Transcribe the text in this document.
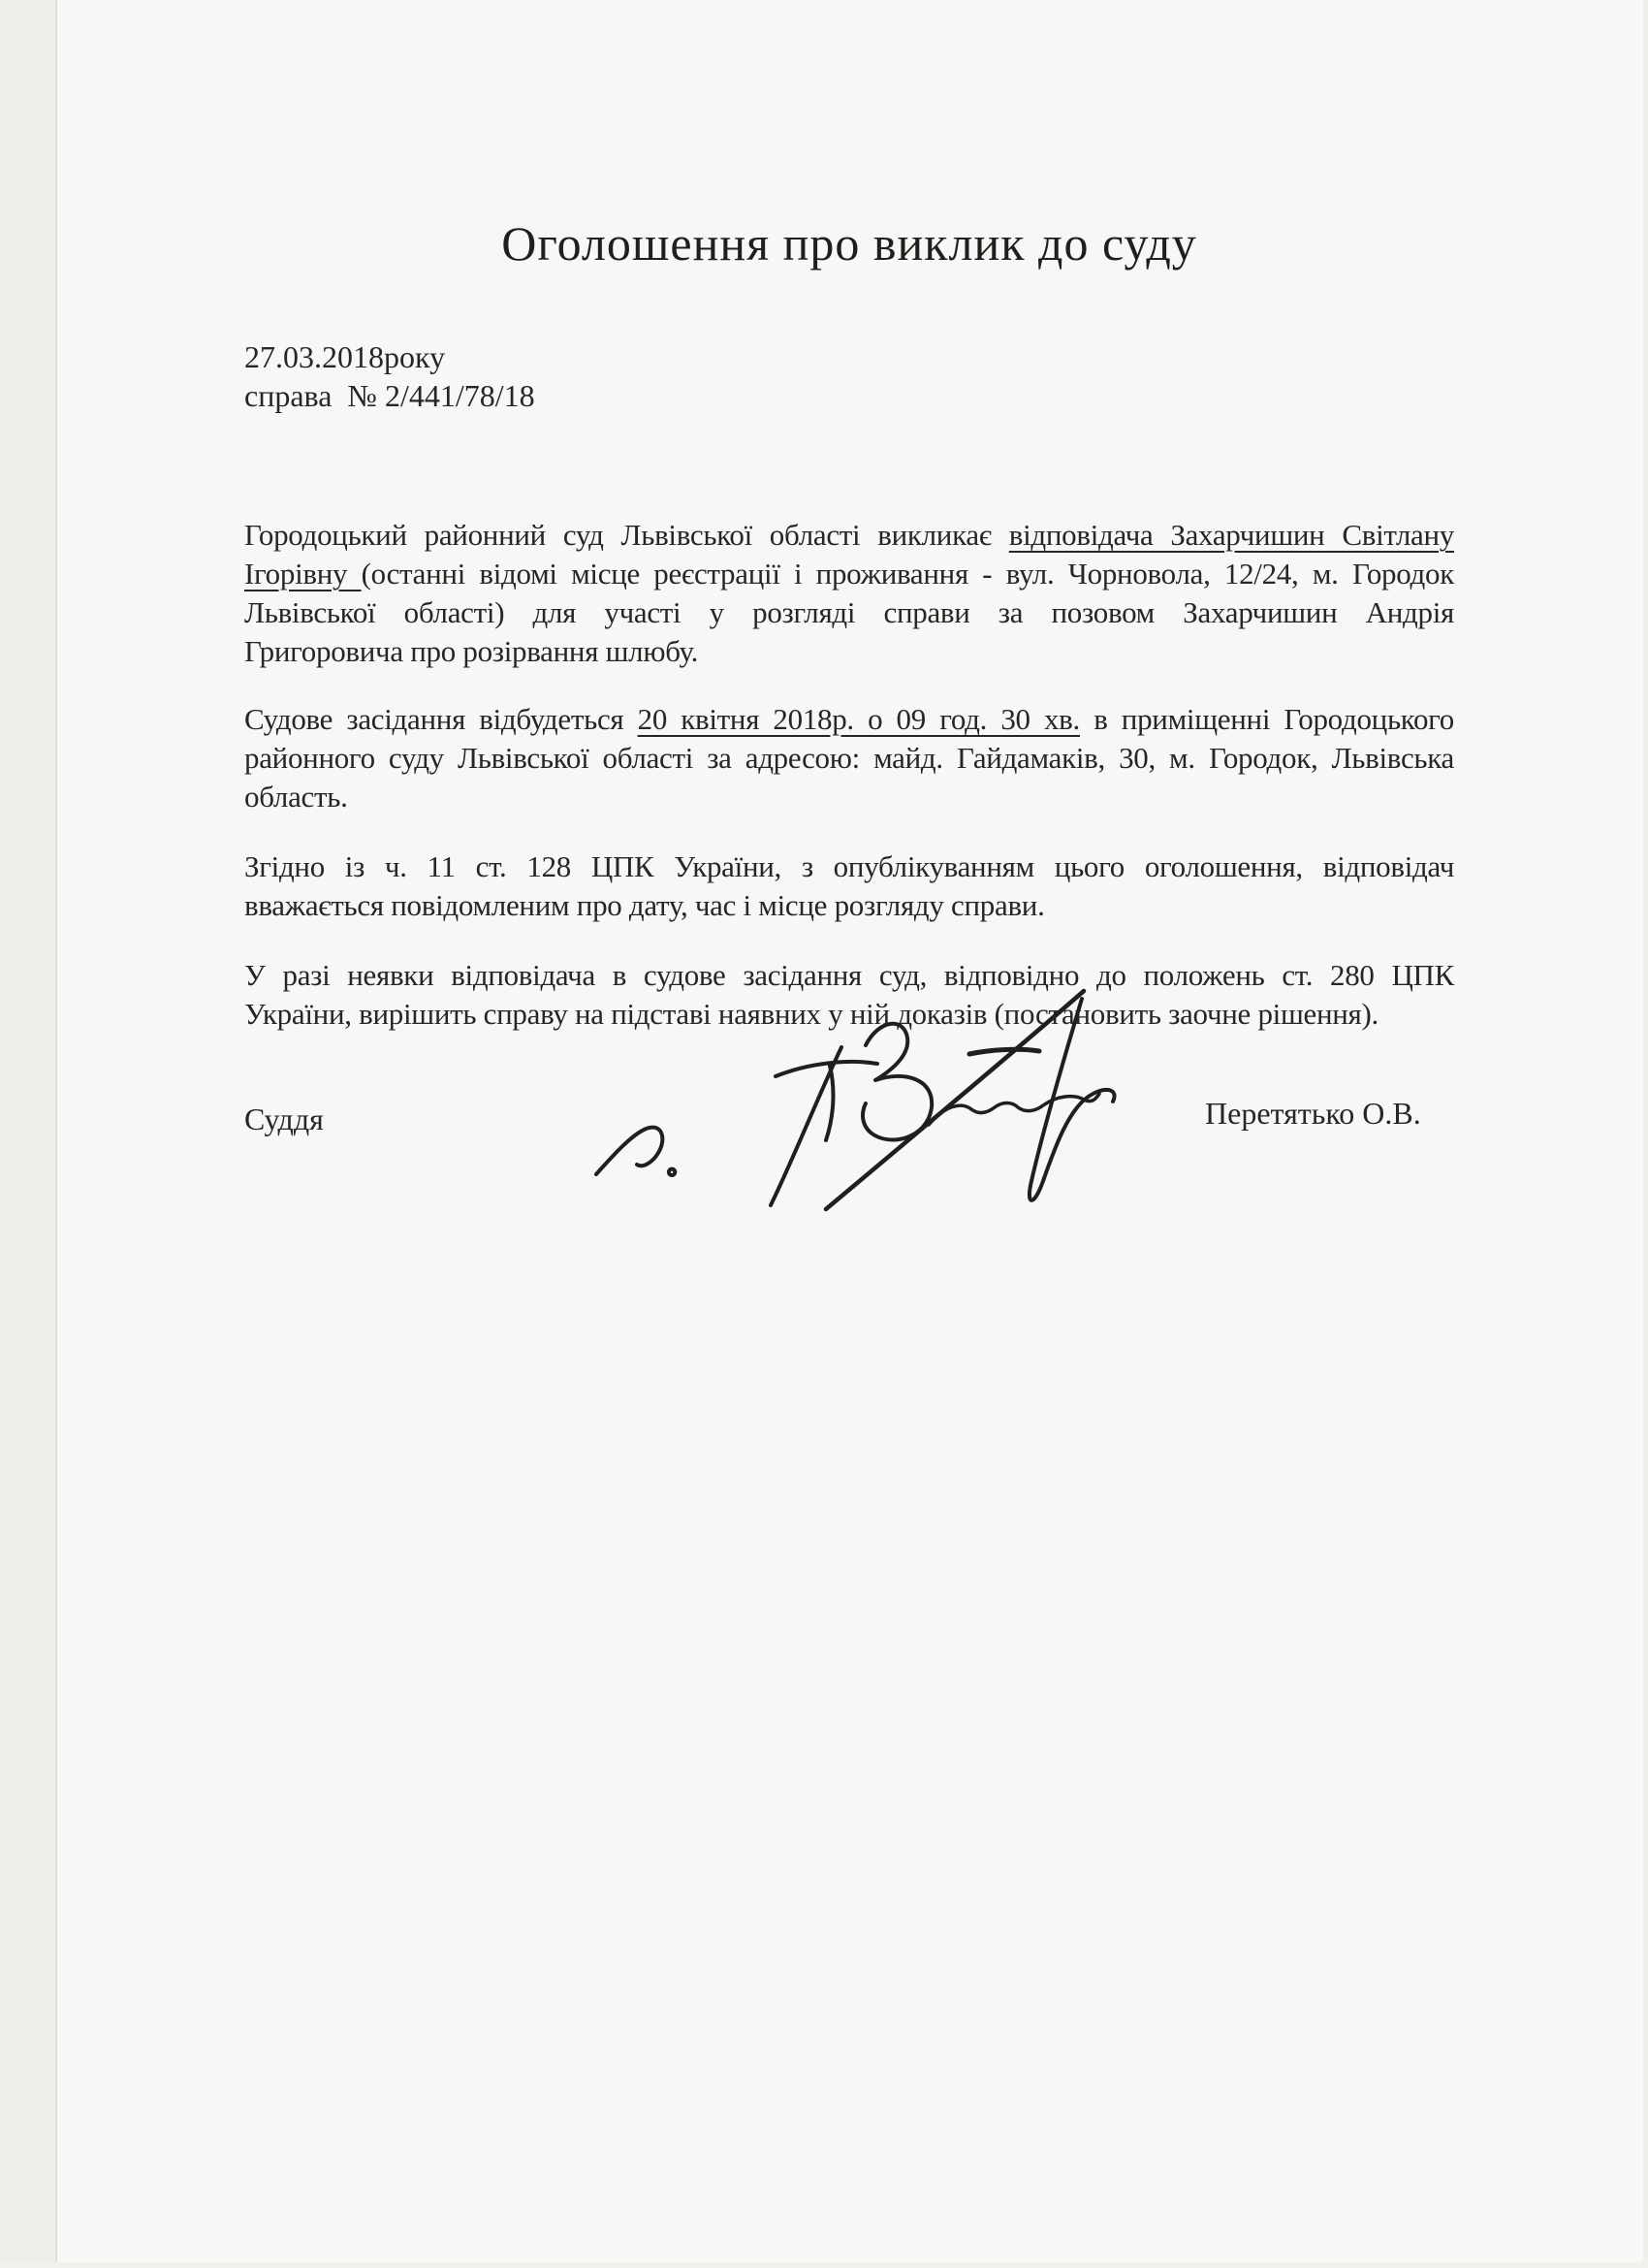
Оголошення про виклик до суду
27.03.2018року
справа  № 2/441/78/18
Городоцький районний суд Львівської області викликає відповідача Захарчишин Світлану
Ігорівну (останні відомі місце реєстрації і проживання - вул. Чорновола, 12/24, м. Городок
Львівської області) для участі у розгляді справи за позовом Захарчишин Андрія
Григоровича про розірвання шлюбу.
Судове засідання відбудеться 20 квітня 2018р. о 09 год. 30 хв. в приміщенні Городоцького
районного суду Львівської області за адресою: майд. Гайдамаків, 30, м. Городок, Львівська
область.
Згідно із ч. 11 ст. 128 ЦПК України, з опублікуванням цього оголошення, відповідач
вважається повідомленим про дату, час і місце розгляду справи.
У разі неявки відповідача в судове засідання суд, відповідно до положень ст. 280 ЦПК
України, вирішить справу на підставі наявних у ній доказів (постановить заочне рішення).
Суддя	Перетятько О.В.
